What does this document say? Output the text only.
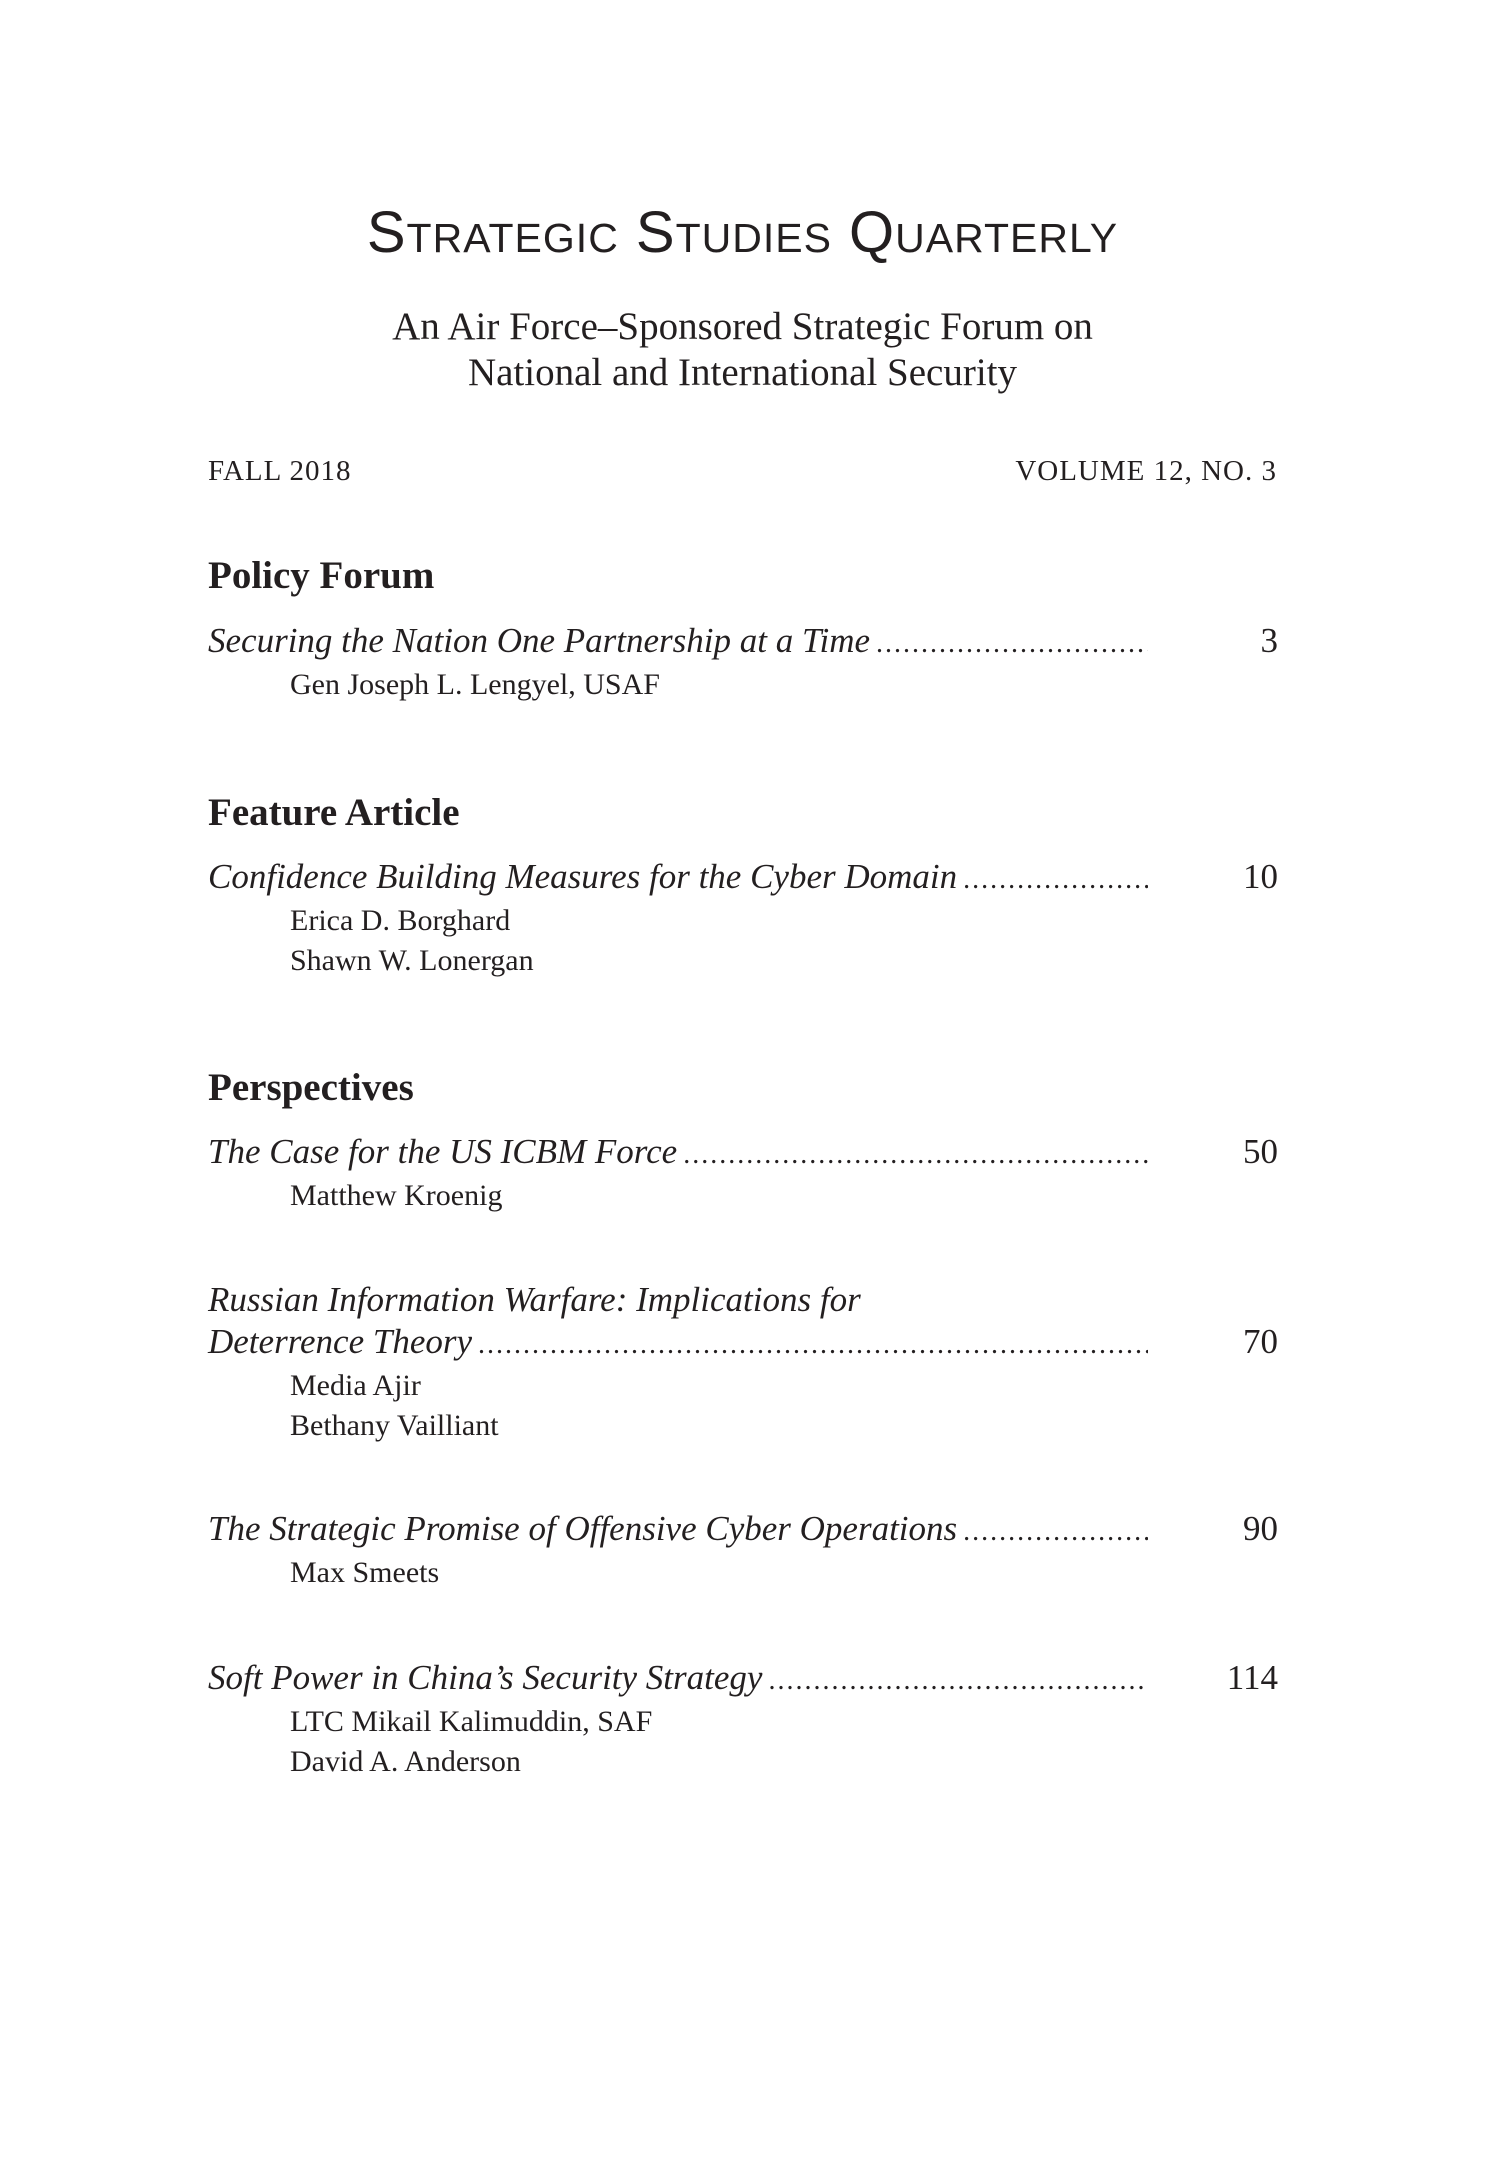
Strategic Studies Quarterly
An Air Force–Sponsored Strategic Forum on
National and International Security
FALL 2018	VOLUME 12, NO. 3
Policy Forum
Securing the Nation One Partnership at a Time .....	3
Gen Joseph L. Lengyel, USAF
Feature Article
Confidence Building Measures for the Cyber Domain .....	10
Erica D. Borghard
Shawn W. Lonergan
Perspectives
The Case for the US ICBM Force .....	50
Matthew Kroenig
Russian Information Warfare: Implications for
Deterrence Theory .....	70
Media Ajir
Bethany Vailliant
The Strategic Promise of Offensive Cyber Operations .....	90
Max Smeets
Soft Power in China’s Security Strategy .....	114
LTC Mikail Kalimuddin, SAF
David A. Anderson
